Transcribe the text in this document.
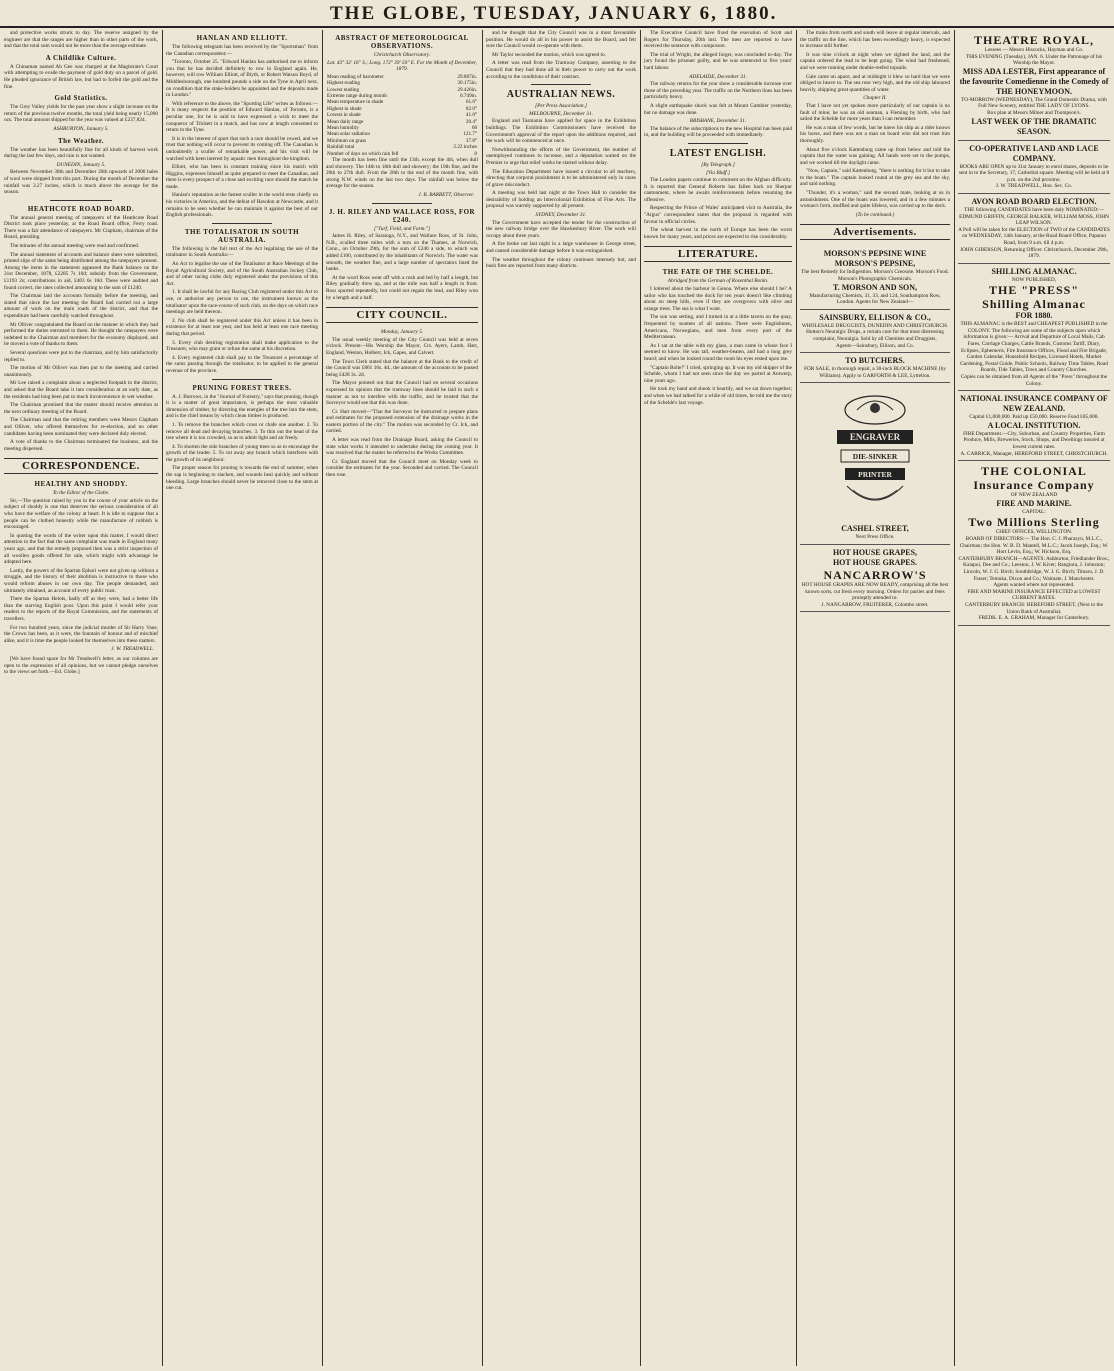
THE GLOBE, TUESDAY, JANUARY 6, 1880.

and protective works struck to day. The reserve assigned by the engineer are that the ranges are higher than in other parts of the work, and that the total sum would not be more than the average estimate.

A Childlike Culture.

A Chinaman named Ah Gee was charged at the Magistrate's Court with attempting to evade the payment of gold duty on a parcel of gold. He pleaded ignorance of British law, but had to forfeit the gold and the fine.

Gold Statistics.

The Grey Valley yields for the past year show a slight increase on the return of the previous twelve months, the total yield being nearly 15,000 ozs. The total amount shipped for the year was valued at £237,824.

ASHBURTON, January 5.
The Weather.

The weather has been beautifully fine for all kinds of harvest work during the last few days, and rain is not wanted.

DUNEDIN, January 5.

Between November 30th and December 20th upwards of 2000 bales of wool were shipped from this port. During the month of December the rainfall was 3.27 inches, which is much above the average for the season.

HEATHCOTE ROAD BOARD.

The annual general meeting of ratepayers of the Heathcote Road District took place yesterday, at the Road Board office, Ferry road. There was a fair attendance of ratepayers. Mr Clapham, chairman of the Board, presiding.

The minutes of the annual meeting were read and confirmed.

The annual statement of accounts and balance sheet were submitted, printed slips of the same being distributed among the ratepayers present. Among the items in the statement appeared the Bank balance on the 31st December, 1878, £2285 7s 10d; subsidy from the Government, £1193 2s; contributions in aid, £403 6s 10d. These were audited and found correct, the rates collected amounting to the sum of £1240.

The Chairman laid the accounts formally before the meeting, and stated that since the last meeting the Board had carried out a large amount of work on the main roads of the district, and that the expenditure had been carefully watched throughout.

Mr Olliver congratulated the Board on the manner in which they had performed the duties entrusted to them. He thought the ratepayers were indebted to the Chairman and members for the economy displayed, and he moved a vote of thanks to them.

Several questions were put to the chairman, and by him satisfactorily replied to.

The motion of Mr Olliver was then put to the meeting and carried unanimously.

Mr Lee raised a complaint about a neglected footpath in the district, and asked that the Board take it into consideration at an early date, as the residents had long been put to much inconvenience in wet weather.

The Chairman promised that the matter should receive attention at the next ordinary meeting of the Board.

The Chairman said that the retiring members were Messrs Clapham and Olliver, who offered themselves for re-election, and no other candidates having been nominated they were declared duly elected.

A vote of thanks to the Chairman terminated the business, and the meeting dispersed.

CORRESPONDENCE.
HEALTHY AND SHODDY.
To the Editor of the Globe.

Sir,—The question raised by you in the course of your article on the subject of shoddy is one that deserves the serious consideration of all who have the welfare of the colony at heart. It is idle to suppose that a people can be clothed honestly while the manufacture of rubbish is encouraged.

In quoting the words of the writer upon this matter, I would direct attention to the fact that the same complaint was made in England many years ago, and that the remedy proposed then was a strict inspection of all woollen goods offered for sale, which might with advantage be adopted here.

Lastly, the powers of the Spartan Ephori were not given up without a struggle, and the history of their abolition is instructive to those who would reform abuses in our own day. The people demanded, and ultimately obtained, an account of every public trust.

There the Spartan Helots, badly off as they were, had a better life than the starving English poor. Upon this point I would refer your readers to the reports of the Royal Commission, and the statements of travellers.

For two hundred years, since the judicial murder of Sir Harry Vane, the Crown has been, as it were, the fountain of honour and of mischief alike, and it is time the people looked for themselves into these matters.

J. W. TREADWELL.

[We have found space for Mr Treadwell's letter, as our columns are open to the expression of all opinions, but we cannot pledge ourselves to the views set forth.—Ed. Globe.]

HANLAN AND ELLIOTT.

The following telegram has been received by the "Sportsman" from the Canadian correspondent:—

"Toronto, October 25. "Edward Hanlan has authorised me to inform you that he has decided definitely to row in England again. He, however, will row William Elliott, of Blyth, or Robert Watson Boyd, of Middlesborough, one hundred pounds a side on the Tyne in April next, on condition that the stake-holders be appointed and the deposits made in London."

With reference to the above, the "Sporting Life" writes as follows:—It is many respects the position of Edward Hanlan, of Toronto, is a peculiar one, for he is said to have expressed a wish to meet the conqueror of Trickett in a match, and has now at length consented to return to the Tyne.

It is in the interest of sport that such a race should be rowed, and we trust that nothing will occur to prevent its coming off. The Canadian is undoubtedly a sculler of remarkable power, and his visit will be watched with keen interest by aquatic men throughout the kingdom.

Elliott, who has been in constant training since his match with Higgins, expresses himself as quite prepared to meet the Canadian, and there is every prospect of a close and exciting race should the match be made.

Hanlan's reputation as the fastest sculler in the world rests chiefly on his victories in America, and the defeat of Hawdon at Newcastle, and it remains to be seen whether he can maintain it against the best of our English professionals.

THE TOTALISATOR IN SOUTH AUSTRALIA.

The following is the full text of the Act legalising the use of the totalisator in South Australia:—

An Act to legalise the use of the Totalisator at Race Meetings of the Royal Agricultural Society, and of the South Australian Jockey Club, and of other racing clubs duly registered under the provisions of this Act.

1. It shall be lawful for any Racing Club registered under this Act to use, or authorise any person to use, the instrument known as the totalisator upon the race-course of such club, on the days on which race meetings are held thereon.

2. No club shall be registered under this Act unless it has been in existence for at least one year, and has held at least one race meeting during that period.

3. Every club desiring registration shall make application to the Treasurer, who may grant or refuse the same at his discretion.

4. Every registered club shall pay to the Treasurer a percentage of the sums passing through the totalisator, to be applied to the general revenue of the province.

PRUNING FOREST TREES.

A. J. Burrows, in the "Journal of Forestry," says that pruning, though it is a matter of great importance, is perhaps the most valuable dimension of timber, by directing the energies of the tree into the stem, and is the chief means by which clean timber is produced.

1. To remove the branches which cross or chafe one another. 2. To remove all dead and decaying branches. 3. To thin out the head of the tree where it is too crowded, so as to admit light and air freely.

4. To shorten the side branches of young trees so as to encourage the growth of the leader. 5. To cut away any branch which interferes with the growth of its neighbour.

The proper season for pruning is towards the end of summer, when the sap is beginning to slacken, and wounds heal quickly and without bleeding. Large branches should never be removed close to the stem at one cut.

ABSTRACT OF METEOROLOGICAL OBSERVATIONS.
Christchurch Observatory.
Lat. 43° 32' 16" S.; Long. 172° 39' 50" E. For the Month of December, 1879.
Mean reading of barometer	29.887in.
Highest reading	30.175in.
Lowest reading	29.426in.
Extreme range during month	0.749in.
Mean temperature in shade	61.6°
Highest in shade	82.0°
Lowest in shade	41.0°
Mean daily range	20.4°
Mean humidity	68
Mean solar radiation	121.7°
Minimum on grass	37.8°
Rainfall total	2.22 inches
Number of days on which rain fell	8

The month has been fine until the 13th, except the 4th, when dull and showery. The 14th to 18th dull and showery; the 19th fine, and the 20th to 27th dull. From the 28th to the end of the month fine, with strong N.W. winds on the last two days. The rainfall was below the average for the season.

J. B. BARRETT, Observer.
J. H. RILEY AND WALLACE ROSS, FOR £240.
["Turf, Field, and Farm."]

James H. Riley, of Saratoga, N.Y., and Wallace Ross, of St. John, N.B., sculled three miles with a turn on the Thames, at Norwich, Conn., on October 29th, for the sum of £240 a side, to which was added £100, contributed by the inhabitants of Norwich. The water was smooth, the weather fine, and a large number of spectators lined the banks.

At the word Ross went off with a rush and led by half a length, but Riley gradually drew up, and at the mile was half a length in front. Ross spurted repeatedly, but could not regain the lead, and Riley won by a length and a half.

CITY COUNCIL.
Monday, January 5.

The usual weekly meeting of the City Council was held at seven o'clock. Present—His Worship the Mayor, Crs. Ayers, Lamb, Hart, England, Weston, Hulbert, Ick, Gapes, and Calvert.

The Town Clerk stated that the balance at the Bank to the credit of the Council was £861 16s. 4d., the amount of the accounts to be passed being £428 3s. 2d.

The Mayor pointed out that the Council had on several occasions expressed its opinion that the tramway lines should be laid in such a manner as not to interfere with the traffic, and he trusted that the Surveyor would see that this was done.

Cr. Hart moved—"That the Surveyor be instructed to prepare plans and estimates for the proposed extension of the drainage works in the eastern portion of the city." The motion was seconded by Cr. Ick, and carried.

A letter was read from the Drainage Board, asking the Council to state what works it intended to undertake during the coming year. It was resolved that the matter be referred to the Works Committee.

Cr. England moved that the Council meet on Monday week to consider the estimates for the year. Seconded and carried. The Council then rose.

and he thought that the City Council was in a most favourable position. He would do all in his power to assist the Board, and felt sure the Council would co-operate with them.

Mr Taylor seconded the motion, which was agreed to.

A letter was read from the Tramway Company, asserting to the Council that they had done all in their power to carry out the work according to the conditions of their contract.

AUSTRALIAN NEWS.
[Per Press Association.]
MELBOURNE, December 31.

England and Tasmania have applied for space in the Exhibition buildings. The Exhibition Commissioners have received the Government's approval of the report upon the additions required, and the work will be commenced at once.

Notwithstanding the efforts of the Government, the number of unemployed continues to increase, and a deputation waited on the Premier to urge that relief works be started without delay.

The Education Department have issued a circular to all teachers, directing that corporal punishment is to be administered only in cases of grave misconduct.

A meeting was held last night at the Town Hall to consider the desirability of holding an Intercolonial Exhibition of Fine Arts. The proposal was warmly supported by all present.

SYDNEY, December 31.

The Government have accepted the tender for the construction of the new railway bridge over the Hawkesbury River. The work will occupy about three years.

A fire broke out last night in a large warehouse in George street, and caused considerable damage before it was extinguished.

The weather throughout the colony continues intensely hot, and bush fires are reported from many districts.

The Executive Council have fixed the execution of Scott and Rogers for Thursday, 20th inst. The men are reported to have received the sentence with composure.

The trial of Wright, the alleged forger, was concluded to-day. The jury found the prisoner guilty, and he was sentenced to five years' hard labour.

ADELAIDE, December 31.

The railway returns for the year show a considerable increase over those of the preceding year. The traffic on the Northern lines has been particularly heavy.

A slight earthquake shock was felt at Mount Gambier yesterday, but no damage was done.

BRISBANE, December 31.

The balance of the subscriptions to the new Hospital has been paid in, and the building will be proceeded with immediately.

LATEST ENGLISH.
[By Telegraph.]
[Via Bluff.]

The London papers continue to comment on the Afghan difficulty. It is reported that General Roberts has fallen back on Sherpur cantonment, where he awaits reinforcements before resuming the offensive.

Respecting the Prince of Wales' anticipated visit to Australia, the "Argus" correspondent states that the proposal is regarded with favour in official circles.

The wheat harvest in the north of Europe has been the worst known for many years, and prices are expected to rise considerably.

LITERATURE.
THE FATE OF THE SCHELDE.
Abridged from the German of Rosenthal Bonin.

I loitered about the harbour in Genoa. Where else should I be? A sailor who has touched the dock for ten years doesn't like climbing about on steep hills, even if they are overgrown with olive and orange trees. The sea is what I want.

The sun was setting, and I turned in at a little tavern on the quay, frequented by seamen of all nations. There were Englishmen, Americans, Norwegians, and men from every port of the Mediterranean.

As I sat at the table with my glass, a man came in whose face I seemed to know. He was tall, weather-beaten, and had a long grey beard; and when he looked round the room his eyes rested upon me.

"Captain Bolte!" I cried, springing up. It was my old skipper of the Schelde, whom I had not seen since the day we parted at Antwerp, nine years ago.

He took my hand and shook it heartily, and we sat down together; and when we had talked for a while of old times, he told me the story of the Schelde's last voyage.

The trains from north and south will leave at regular intervals, and the traffic on the line, which has been exceedingly heavy, is expected to increase still further.

It was nine o'clock at night when we sighted the land, and the captain ordered the lead to be kept going. The wind had freshened, and we were running under double-reefed topsails.

Gale came on apace, and at midnight it blew so hard that we were obliged to heave to. The sea rose very high, and the old ship laboured heavily, shipping great quantities of water.

Chapter II.

That I have not yet spoken more particularly of our captain is no fault of mine; he was an old seaman, a Fleming by birth, who had sailed the Schelde for more years than I can remember.

He was a man of few words, but he knew his ship as a rider knows his horse, and there was not a man on board who did not trust him thoroughly.

About five o'clock Kattenburg came up from below and told the captain that the water was gaining. All hands were set to the pumps, and we worked till the daylight came.

"Now, Captain," said Kattenburg, "there is nothing for it but to take to the boats." The captain looked round at the grey sea and the sky, and said nothing.

"Thunder, it's a woman," said the second mate, looking at us in astonishment. One of the boats was lowered, and in a few minutes a woman's form, muffled and quite lifeless, was carried up to the deck.

(To be continued.)
Advertisements.
MORSON'S PEPSINE WINE
MORSON'S PEPSINE,
The best Remedy for Indigestion. Morson's Creosote. Morson's Food. Morson's Photographic Chemicals.
T. MORSON AND SON,
Manufacturing Chemists, 31, 33, and 124, Southampton Row, London. Agents for New Zealand—
SAINSBURY, ELLISON & CO.,
WHOLESALE DRUGGISTS, DUNEDIN AND CHRISTCHURCH.
Hutton's Neuralgic Drops, a certain cure for that most distressing complaint, Neuralgia. Sold by all Chemists and Druggists.
Agents—Sainsbury, Ellison, and Co.
TO BUTCHERS.
FOR SALE, in thorough repair, a 30-inch BLOCK MACHINE (by Williams). Apply to GARFORTH & LEE, Lyttelton.
ENGRAVER
DIE-SINKER
PRINTER
CASHEL STREET,
Next Press Office.
HOT HOUSE GRAPES,
HOT HOUSE GRAPES.
NANCARROW'S
HOT HOUSE GRAPES ARE NOW READY, comprising all the best known sorts, cut fresh every morning. Orders for parties and fetes promptly attended to.
J. NANCARROW, FRUITERER, Colombo street.
THEATRE ROYAL,
Lessees — Messrs Hiscocks, Hayman and Co.
THIS EVENING (Tuesday), JAN. 6. Under the Patronage of his Worship the Mayor.
MISS ADA LESTER, First appearance of the favourite Comedienne in the Comedy of
THE HONEYMOON.
TO-MORROW (WEDNESDAY), The Grand Domestic Drama, with Full New Scenery, entitled THE LADY OF LYONS.
Box plan at Messrs Milner and Thompson's.
LAST WEEK OF THE DRAMATIC SEASON.
CO-OPERATIVE LAND AND LACE COMPANY.
BOOKS ARE OPEN up to 31st January to enrol shares, deposits to be sent in to the Secretary, 17, Cathedral square. Meeting will be held at 8 p.m. on the 2nd proximo.
J. W. TREADWELL, Hon. Sec. Co.
AVON ROAD BOARD ELECTION.
THE following CANDIDATES have been duly NOMINATED:— EDMUND GRIFFIN, GEORGE BALKER, WILLIAM MOSS, JOHN LEAP WILSON.
A Poll will be taken for the ELECTION of TWO of the CANDIDATES on WEDNESDAY, 14th January, at the Road Board Office, Papanui Road, from 9 a.m. till 4 p.m.
JOHN GIBERSON, Returning Officer. Christchurch, December 29th, 1879.
SHILLING ALMANAC.
NOW PUBLISHED,
THE "PRESS"
Shilling Almanac
FOR 1880.
THIS ALMANAC is the BEST and CHEAPEST PUBLISHED in the COLONY. The following are some of the subjects upon which information is given:— Arrival and Departure of Local Mails, Cab Fares, Carriage Charges, Cattle Brands, Customs Tariff, Diary, Eclipses, Ephemeris, Fire Insurance Offices, Flood and Fire Brigade, Garden Calendar, Household Recipes, Licensed Hotels, Market Gardening, Postal Guide, Public Schools, Railway Time Tables, Road Boards, Tide Tables, Town and Country Churches.
Copies can be obtained from all Agents of the "Press" throughout the Colony.
NATIONAL INSURANCE COMPANY OF NEW ZEALAND.
Capital £1,000,000. Paid up £50,000. Reserve Fund £85,000.
A LOCAL INSTITUTION.
FIRE Department.—City, Suburban, and Country Properties, Farm Produce, Mills, Breweries, Stock, Shops, and Dwellings insured at lowest current rates.
A. CARRICK, Manager, HEREFORD STREET, CHRISTCHURCH.
THE COLONIAL
Insurance Company
OF NEW ZEALAND
FIRE AND MARINE.
CAPITAL:
Two Millions Sterling
CHIEF OFFICES, WELLINGTON.
BOARD OF DIRECTORS:— The Hon. C. J. Pharazyn, M.L.C., Chairman; the Hon. W. B. D. Mantell, M.L.C.; Jacob Joseph, Esq.; W. Hort Levin, Esq.; W. Hickson, Esq.
CANTERBURY BRANCH—AGENTS: Ashburton, Friedlander Bros.; Kaiapoi, Dee and Co.; Leeston, J. W. Kiver; Rangiora, J. Johnston; Lincoln, W. J. G. Birch; Southbridge, W. J. G. Birch; Timaru, J. D. Fraser; Temuka, Dixon and Co.; Waimate, J. Manchester.
Agents wanted where not represented.
FIRE AND MARINE INSURANCE EFFECTED at LOWEST CURRENT RATES.
CANTERBURY BRANCH: HEREFORD STREET, (Next to the Union Bank of Australia).
FREDK. E. A. GRAHAM, Manager for Canterbury.
